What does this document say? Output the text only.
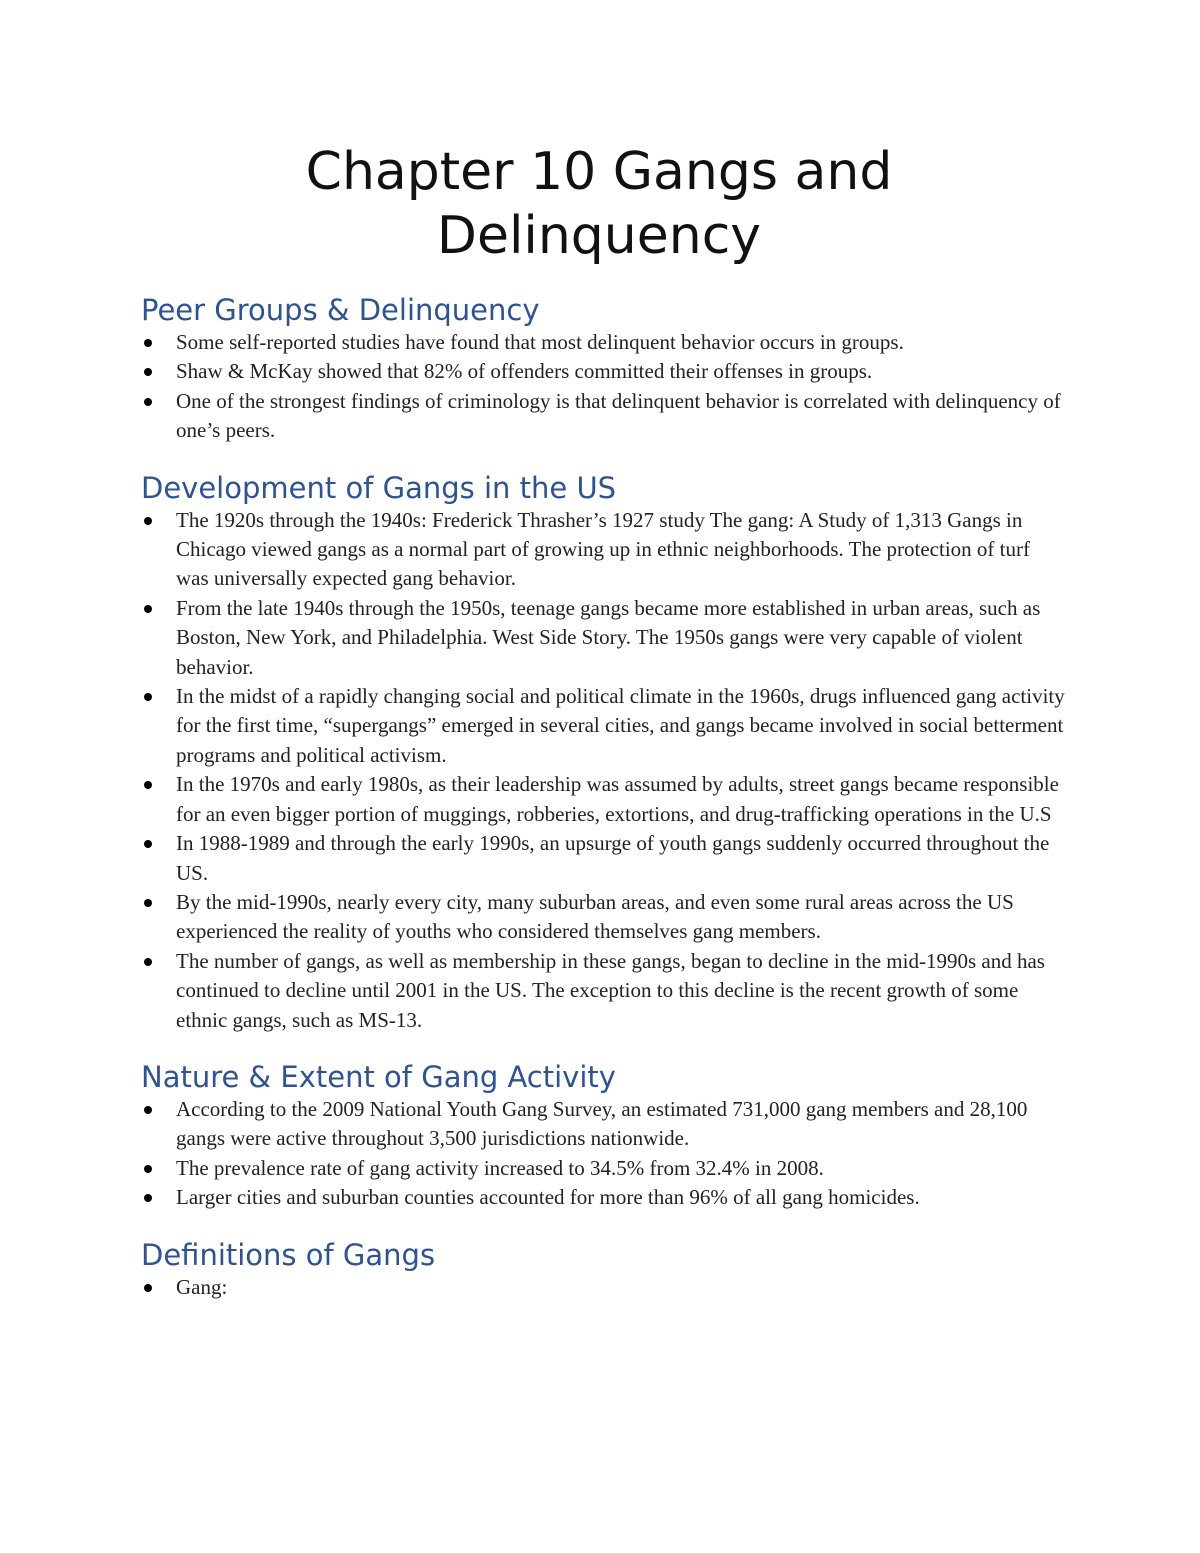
Chapter 10 Gangs and
Delinquency
Peer Groups & Delinquency
Some self-reported studies have found that most delinquent behavior occurs in groups.
Shaw & McKay showed that 82% of offenders committed their offenses in groups.
One of the strongest findings of criminology is that delinquent behavior is correlated with delinquency of one’s peers.
Development of Gangs in the US
The 1920s through the 1940s: Frederick Thrasher’s 1927 study The gang: A Study of 1,313 Gangs in Chicago viewed gangs as a normal part of growing up in ethnic neighborhoods. The protection of turf was universally expected gang behavior.
From the late 1940s through the 1950s, teenage gangs became more established in urban areas, such as Boston, New York, and Philadelphia. West Side Story. The 1950s gangs were very capable of violent behavior.
In the midst of a rapidly changing social and political climate in the 1960s, drugs influenced gang activity for the first time, “supergangs” emerged in several cities, and gangs became involved in social betterment programs and political activism.
In the 1970s and early 1980s, as their leadership was assumed by adults, street gangs became responsible for an even bigger portion of muggings, robberies, extortions, and drug-trafficking operations in the U.S
In 1988-1989 and through the early 1990s, an upsurge of youth gangs suddenly occurred throughout the US.
By the mid-1990s, nearly every city, many suburban areas, and even some rural areas across the US experienced the reality of youths who considered themselves gang members.
The number of gangs, as well as membership in these gangs, began to decline in the mid-1990s and has continued to decline until 2001 in the US. The exception to this decline is the recent growth of some ethnic gangs, such as MS-13.
Nature & Extent of Gang Activity
According to the 2009 National Youth Gang Survey, an estimated 731,000 gang members and 28,100 gangs were active throughout 3,500 jurisdictions nationwide.
The prevalence rate of gang activity increased to 34.5% from 32.4% in 2008.
Larger cities and suburban counties accounted for more than 96% of all gang homicides.
Definitions of Gangs
Gang:
